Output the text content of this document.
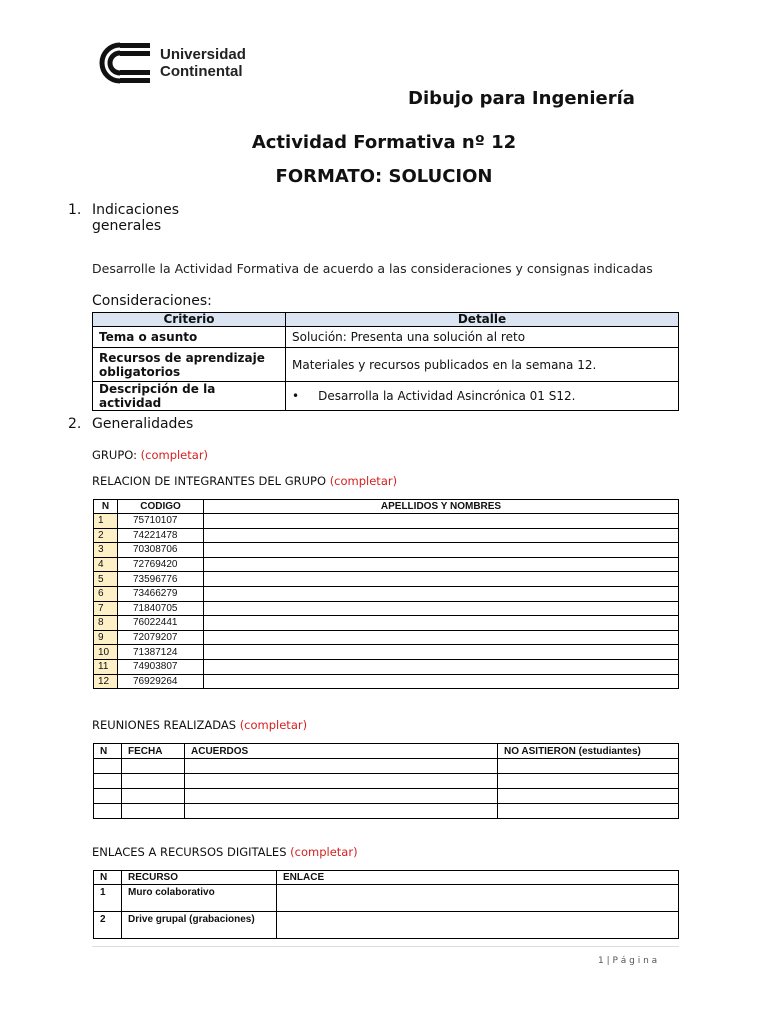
Universidad
Continental
Dibujo para Ingeniería
Actividad Formativa nº 12
FORMATO: SOLUCION
1. Indicaciones generales
Desarrolle la Actividad Formativa de acuerdo a las consideraciones y consignas indicadas
Consideraciones:
Criterio	Detalle
Tema o asunto	Solución: Presenta una solución al reto
Recursos de aprendizaje obligatorios	Materiales y recursos publicados en la semana 12.
Descripción de la actividad	•     Desarrolla la Actividad Asincrónica 01 S12.
2. Generalidades
GRUPO: (completar)
RELACION DE INTEGRANTES DEL GRUPO (completar)
N	CODIGO	APELLIDOS Y NOMBRES
1	75710107	
2	74221478	
3	70308706	
4	72769420	
5	73596776	
6	73466279	
7	71840705	
8	76022441	
9	72079207	
10	71387124	
11	74903807	
12	76929264	
REUNIONES REALIZADAS (completar)
N	FECHA	ACUERDOS	NO ASITIERON (estudiantes)

ENLACES A RECURSOS DIGITALES (completar)
N	RECURSO	ENLACE
1	Muro colaborativo	
2	Drive grupal (grabaciones)	
1 | P á g i n a
